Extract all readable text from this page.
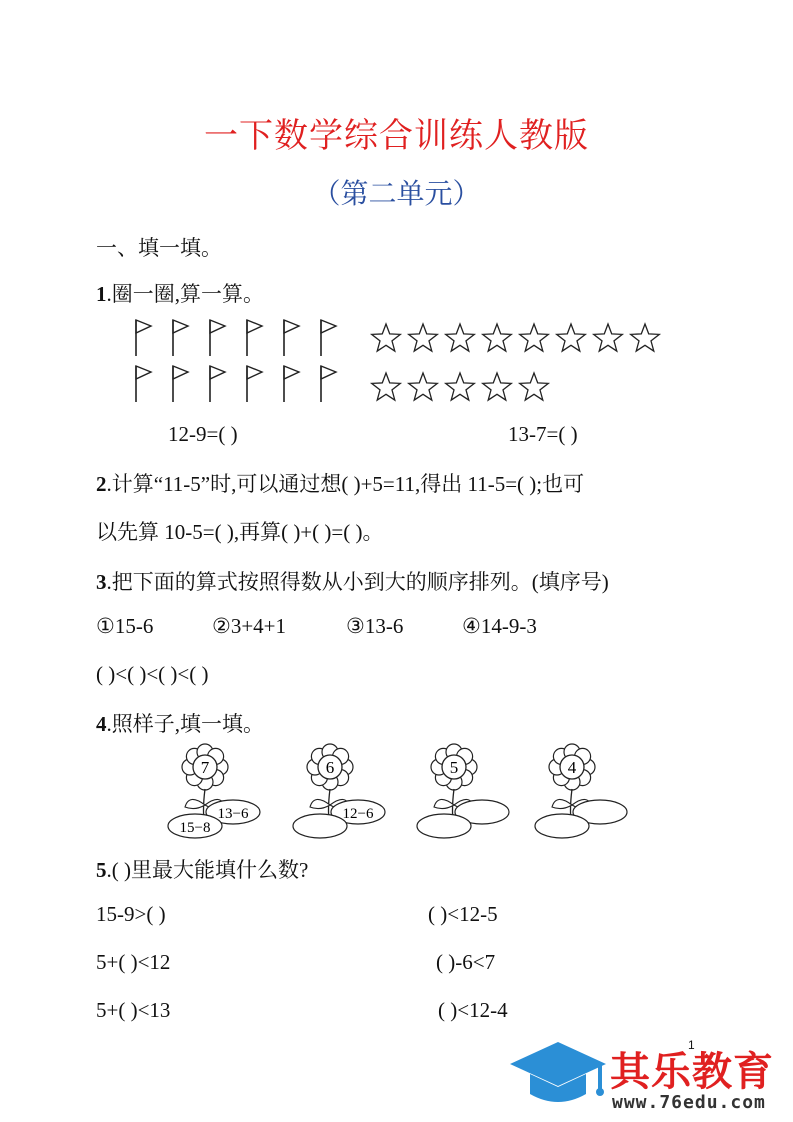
一下数学综合训练人教版
（第二单元）
一、填一填。
1.圈一圈,算一算。
12-9=( )	13-7=( )
2.计算“11-5”时,可以通过想( )+5=11,得出 11-5=( );也可
以先算 10-5=( ),再算( )+( )=( )。
3.把下面的算式按照得数从小到大的顺序排列。(填序号)
①15-6	②3+4+1	③13-6	④14-9-3
( )<( )<( )<( )
4.照样子,填一填。
7
13−6
15−8
6
12−6
5	4
5.( )里最大能填什么数?
15-9>( )	( )<12-5
5+( )<12	( )-6<7
5+( )<13	( )<12-4
1
其乐教育
www.76edu.com
